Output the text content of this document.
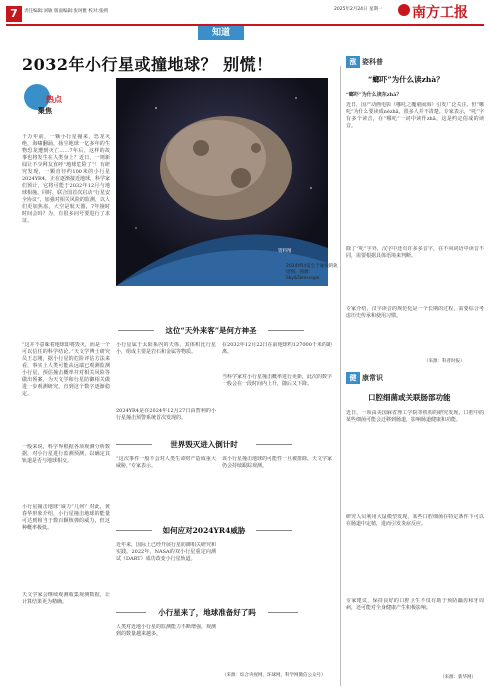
7	责任编辑:刘敏 版面编辑:张珂雅 校对:张朔	2025年2月24日 星期一 南方工报
知道
2032年小行星或撞地球？ 别慌！
热点
聚焦
千万年前，一颗小行星撞来，恐龙灭绝，海啸翻涌，扬尘地球一亿多年的生物恐龙遭到灭亡……7年后，这样的故事也将发生在人类身上？近日，一则新闻让不少网友直呼“地球危险了”！有研究发现，一颗直径约100米的小行星2024YR4，正在逐渐接近地球，科学家们预计，它将可能于2032年12月与地球相撞。同时，联合国首次启动“行星安全协议”，加强对相关风险的监测，以人们更加焦虑。大空是航天器，7年撞时时间会吗？为，有很多问号要进行了求证。
资料图
2024YR4发生于碰撞的轨迹图。图源：Sky&Telescope
这位“天外来客”是何方神圣
“这并不意味着地球即将毁灭，而是一个可以信任的科学结论。”天文学博士研究员王志刚，据小行星的危险评估方法来看，事实上人类可能从远端已观测监测小行星，预估撞击概率并对相关风险等做出预案，为天文学和行星防御相关做进一步观测研究，直到这个数字逐渐稳定。
一般来说，科学界根据各项观测分析数据，对小行星进行监测预测，以确定其轨道是否与地球相交。
小行星撞击地球“威力”几何？对此，黄春华形象介绍，小行星撞击地球的能量可达到相当于数百颗核弹的威力，但这种概率极低。
天文学家会继续观测收集观测数据，让计算结果更为精确。
小行星属于太阳系内的天体，其体积比行星小，组成主要是岩石和金属等物质。
2024YR4是在2024年12月27日由智利的小行星撞击预警系统首次发现的。
世界毁灭进入倒计时
“这次事件一般不会对人类生命财产造成重大威胁，”专家表示。
如何应对2024YR4威胁
近年来，国际上已经开展行星防御相关研究和实践。2022年，NASA的双小行星重定向测试（DART）成功改变小行星轨道。
小行星来了，地球准备好了吗
人类对近地小行星的监测能力不断增强，观测到的数量越来越多。
在2032年12月22日在前地球约127000千米的距离。
当科学家对小行星撞击概率进行更新，此次的数字一般会在一段时间内上升，随后又下降。
该小行星撞击地球的可能性一旦被排除，天文学家仍会持续跟踪观测。
（来源：综合央视网、环球网、科学网微信公众号）
涨 姿科普
“螂吓”为什么读zhà？
“螂吓”为什么读东zhà？
近日，国产动画电影《哪吒之魔童闹海》引发广泛关注。但“哪吒”为什么要读成nézhā，很多人并不清楚。专家表示，“吒”字有多个读音，在“哪吒”一词中读作zhā，这是约定俗成的读音。
除了“吒”字外，汉字中还有许多多音字，在不同词语中读音不同，需要根据具体语境来判断。
专家介绍，汉字读音的规范化是一个长期的过程，需要综合考虑历史传承和使用习惯。
（来源：科普时报）
健 康常识
口腔细菌或关联肠部功能
近日，一项由美国麻省理工学院等机构的研究发现，口腔中的某些细菌可能会迁移到肠道，影响肠道健康和功能。
研究人员利用大鼠模型发现，某些口腔细菌在特定条件下可以在肠道中定植，进而引发炎症反应。
专家建议，保持良好的口腔卫生不仅有助于预防龋齿和牙周病，还可能对全身健康产生积极影响。
（来源：新华网）
